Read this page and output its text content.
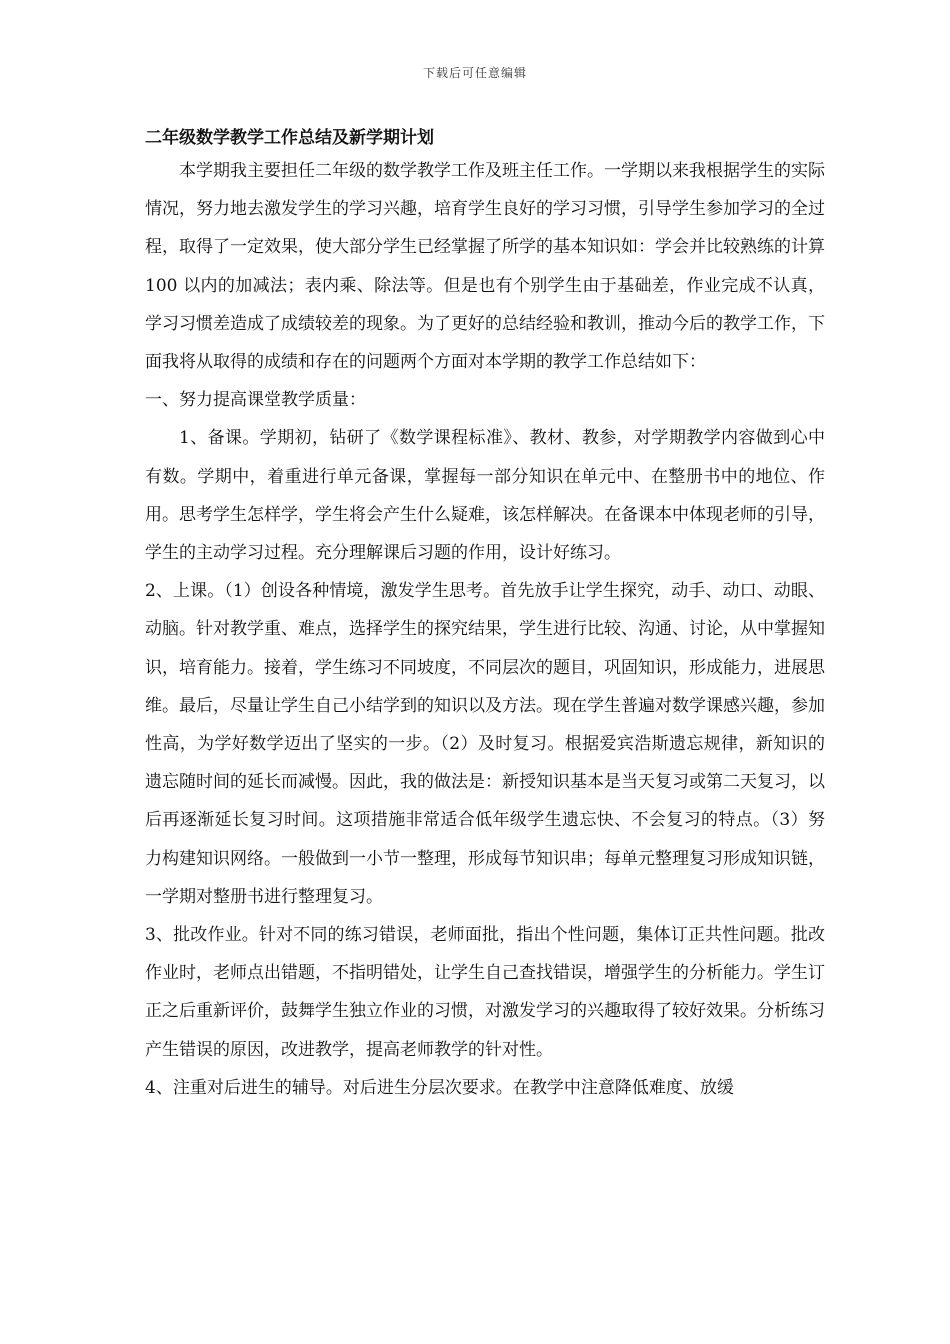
下载后可任意编辑
二年级数学教学工作总结及新学期计划

本学期我主要担任二年级的数学教学工作及班主任工作。一学期以来我根据学生的实际情况，努力地去激发学生的学习兴趣，培育学生良好的学习习惯，引导学生参加学习的全过程，取得了一定效果，使大部分学生已经掌握了所学的基本知识如：学会并比较熟练的计算 100 以内的加减法；表内乘、除法等。但是也有个别学生由于基础差，作业完成不认真，学习习惯差造成了成绩较差的现象。为了更好的总结经验和教训，推动今后的教学工作，下面我将从取得的成绩和存在的问题两个方面对本学期的教学工作总结如下：

一、努力提高课堂教学质量：

1、备课。学期初，钻研了《数学课程标准》、教材、教参，对学期教学内容做到心中有数。学期中，着重进行单元备课，掌握每一部分知识在单元中、在整册书中的地位、作用。思考学生怎样学，学生将会产生什么疑难，该怎样解决。在备课本中体现老师的引导，学生的主动学习过程。充分理解课后习题的作用，设计好练习。

2、上课。（1）创设各种情境，激发学生思考。首先放手让学生探究，动手、动口、动眼、动脑。针对教学重、难点，选择学生的探究结果，学生进行比较、沟通、讨论，从中掌握知识，培育能力。接着，学生练习不同坡度，不同层次的题目，巩固知识，形成能力，进展思维。最后，尽量让学生自己小结学到的知识以及方法。现在学生普遍对数学课感兴趣，参加性高，为学好数学迈出了坚实的一步。（2）及时复习。根据爱宾浩斯遗忘规律，新知识的遗忘随时间的延长而减慢。因此，我的做法是：新授知识基本是当天复习或第二天复习，以后再逐渐延长复习时间。这项措施非常适合低年级学生遗忘快、不会复习的特点。（3）努力构建知识网络。一般做到一小节一整理，形成每节知识串；每单元整理复习形成知识链，一学期对整册书进行整理复习。

3、批改作业。针对不同的练习错误，老师面批，指出个性问题，集体订正共性问题。批改作业时，老师点出错题，不指明错处，让学生自己查找错误，增强学生的分析能力。学生订正之后重新评价，鼓舞学生独立作业的习惯，对激发学习的兴趣取得了较好效果。分析练习产生错误的原因，改进教学，提高老师教学的针对性。

4、注重对后进生的辅导。对后进生分层次要求。在教学中注意降低难度、放缓
